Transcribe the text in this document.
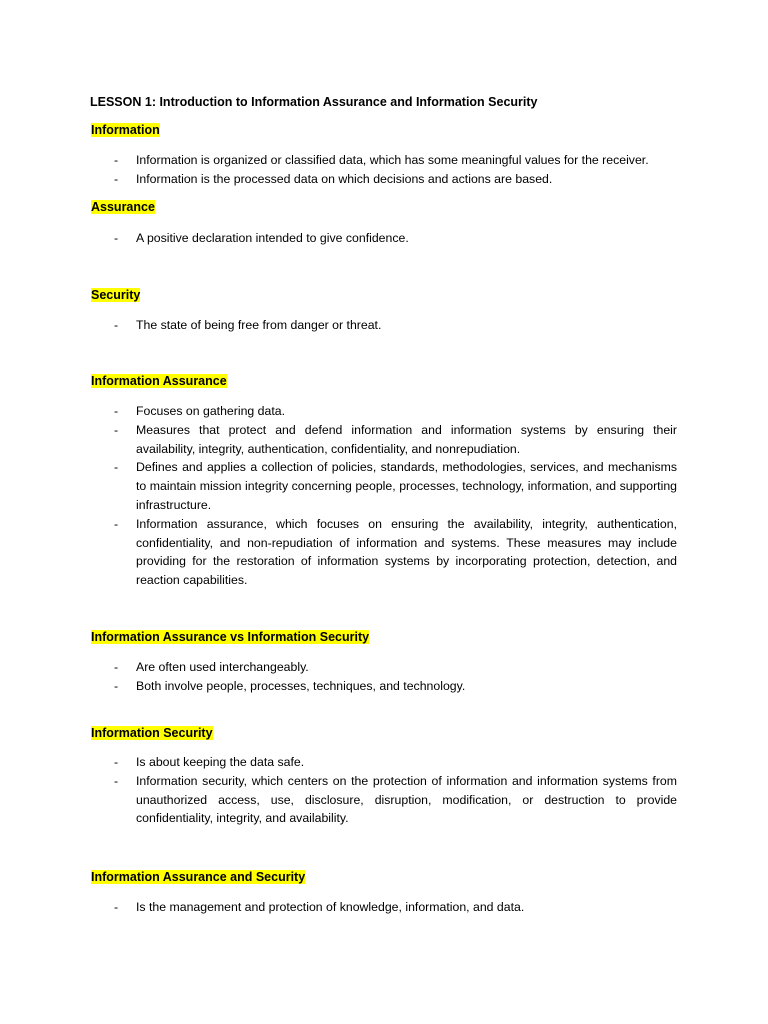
LESSON 1: Introduction to Information Assurance and Information Security
Information
- Information is organized or classified data, which has some meaningful values for the receiver.
- Information is the processed data on which decisions and actions are based.
Assurance
- A positive declaration intended to give confidence.
Security
- The state of being free from danger or threat.
Information Assurance
- Focuses on gathering data.
- Measures that protect and defend information and information systems by ensuring their availability, integrity, authentication, confidentiality, and nonrepudiation.
- Defines and applies a collection of policies, standards, methodologies, services, and mechanisms to maintain mission integrity concerning people, processes, technology, information, and supporting infrastructure.
- Information assurance, which focuses on ensuring the availability, integrity, authentication, confidentiality, and non-repudiation of information and systems. These measures may include providing for the restoration of information systems by incorporating protection, detection, and reaction capabilities.
Information Assurance vs Information Security
- Are often used interchangeably.
- Both involve people, processes, techniques, and technology.
Information Security
- Is about keeping the data safe.
- Information security, which centers on the protection of information and information systems from unauthorized access, use, disclosure, disruption, modification, or destruction to provide confidentiality, integrity, and availability.
Information Assurance and Security
- Is the management and protection of knowledge, information, and data.
